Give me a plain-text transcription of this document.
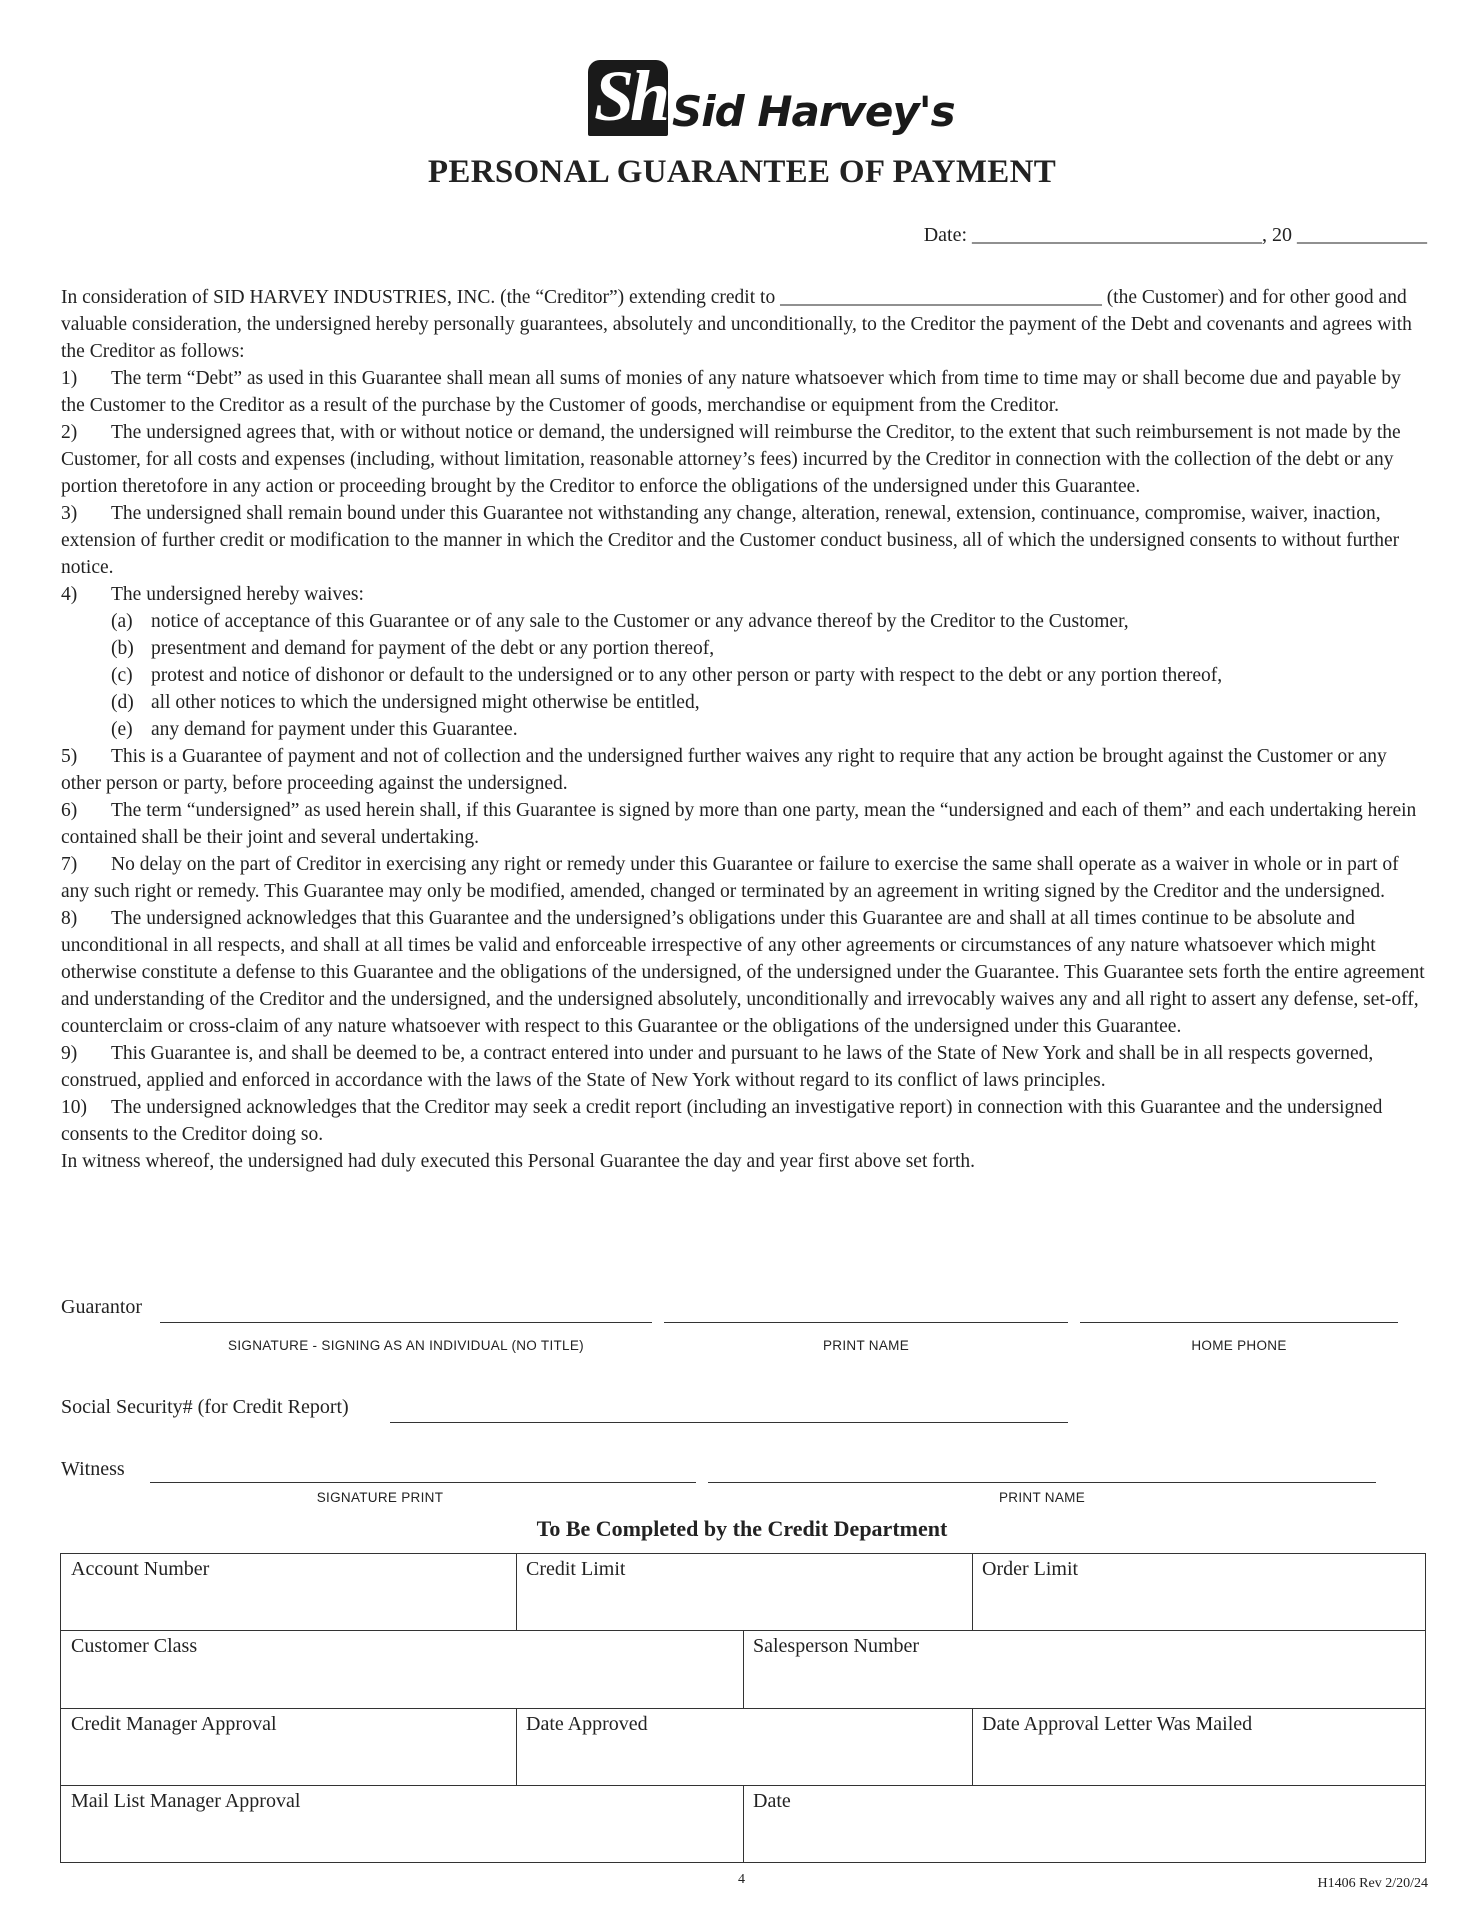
Sh Sid Harvey's
PERSONAL GUARANTEE OF PAYMENT
Date: _____________________________, 20 _____________

In consideration of SID HARVEY INDUSTRIES, INC. (the “Creditor”) extending credit to _________________________________ (the Customer) and for other good and valuable consideration, the undersigned hereby personally guarantees, absolutely and unconditionally, to the Creditor the payment of the Debt and covenants and agrees with the Creditor as follows:

1) The term “Debt” as used in this Guarantee shall mean all sums of monies of any nature whatsoever which from time to time may or shall become due and payable by the Customer to the Creditor as a result of the purchase by the Customer of goods, merchandise or equipment from the Creditor.

2) The undersigned agrees that, with or without notice or demand, the undersigned will reimburse the Creditor, to the extent that such reimbursement is not made by the Customer, for all costs and expenses (including, without limitation, reasonable attorney’s fees) incurred by the Creditor in connection with the collection of the debt or any portion theretofore in any action or proceeding brought by the Creditor to enforce the obligations of the undersigned under this Guarantee.

3) The undersigned shall remain bound under this Guarantee not withstanding any change, alteration, renewal, extension, continuance, compromise, waiver, inaction, extension of further credit or modification to the manner in which the Creditor and the Customer conduct business, all of which the undersigned consents to without further notice.

4) The undersigned hereby waives:

(a) notice of acceptance of this Guarantee or of any sale to the Customer or any advance thereof by the Creditor to the Customer,
(b) presentment and demand for payment of the debt or any portion thereof,
(c) protest and notice of dishonor or default to the undersigned or to any other person or party with respect to the debt or any portion thereof,
(d) all other notices to which the undersigned might otherwise be entitled,
(e) any demand for payment under this Guarantee.

5) This is a Guarantee of payment and not of collection and the undersigned further waives any right to require that any action be brought against the Customer or any other person or party, before proceeding against the undersigned.

6) The term “undersigned” as used herein shall, if this Guarantee is signed by more than one party, mean the “undersigned and each of them” and each undertaking herein contained shall be their joint and several undertaking.

7) No delay on the part of Creditor in exercising any right or remedy under this Guarantee or failure to exercise the same shall operate as a waiver in whole or in part of any such right or remedy. This Guarantee may only be modified, amended, changed or terminated by an agreement in writing signed by the Creditor and the undersigned.

8) The undersigned acknowledges that this Guarantee and the undersigned’s obligations under this Guarantee are and shall at all times continue to be absolute and unconditional in all respects, and shall at all times be valid and enforceable irrespective of any other agreements or circumstances of any nature whatsoever which might otherwise constitute a defense to this Guarantee and the obligations of the undersigned, of the undersigned under the Guarantee. This Guarantee sets forth the entire agreement and understanding of the Creditor and the undersigned, and the undersigned absolutely, unconditionally and irrevocably waives any and all right to assert any defense, set-off, counterclaim or cross-claim of any nature whatsoever with respect to this Guarantee or the obligations of the undersigned under this Guarantee.

9) This Guarantee is, and shall be deemed to be, a contract entered into under and pursuant to he laws of the State of New York and shall be in all respects governed, construed, applied and enforced in accordance with the laws of the State of New York without regard to its conflict of laws principles.

10) The undersigned acknowledges that the Creditor may seek a credit report (including an investigative report) in connection with this Guarantee and the undersigned consents to the Creditor doing so.

In witness whereof, the undersigned had duly executed this Personal Guarantee the day and year first above set forth.

Guarantor
SIGNATURE - SIGNING AS AN INDIVIDUAL (NO TITLE)	PRINT NAME	HOME PHONE
Social Security# (for Credit Report)
Witness
SIGNATURE PRINT	PRINT NAME
To Be Completed by the Credit Department
Account Number	Credit Limit	Order Limit
Customer Class	Salesperson Number
Credit Manager Approval	Date Approved	Date Approval Letter Was Mailed
Mail List Manager Approval	Date
4	H1406 Rev 2/20/24
